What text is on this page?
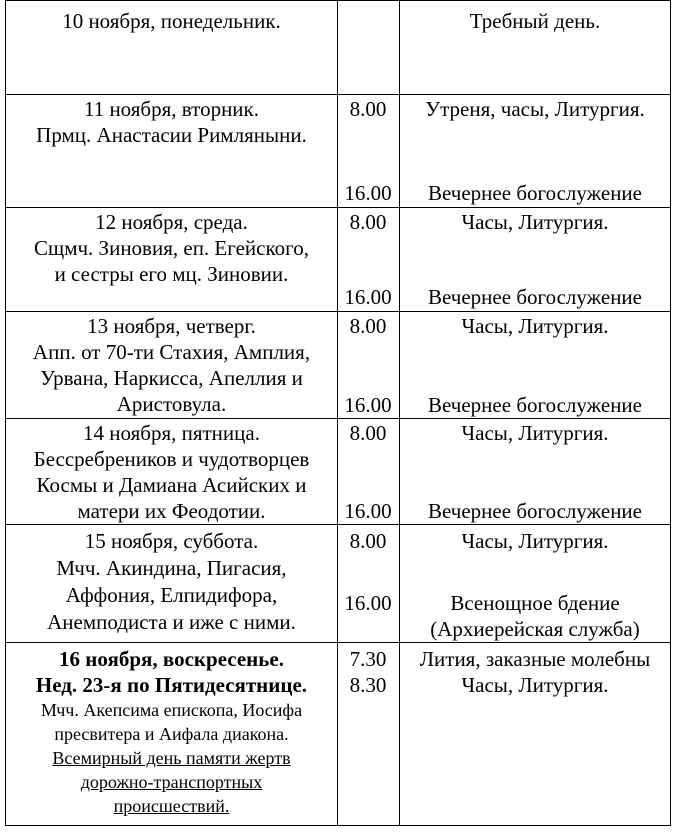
10 ноября, понедельник.	Требный день.
11 ноября, вторник.
Прмц. Анастасии Римляныни.
8.00	Утреня, часы, Литургия.
16.00	Вечернее богослужение
12 ноября, среда.
Сщмч. Зиновия, еп. Егейского,
и сестры его мц. Зиновии.
8.00	Часы, Литургия.
16.00	Вечернее богослужение
13 ноября, четверг.
Апп. от 70-ти Стахия, Амплия,
Урвана, Наркисса, Апеллия и
Аристовула.
8.00	Часы, Литургия.
16.00	Вечернее богослужение
14 ноября, пятница.
Бессребреников и чудотворцев
Космы и Дамиана Асийских и
матери их Феодотии.
8.00	Часы, Литургия.
16.00	Вечернее богослужение
15 ноября, суббота.
Мчч. Акиндина, Пигасия,
Аффония, Елпидифора,
Анемподиста и иже с ними.
8.00	Часы, Литургия.
16.00	Всенощное бдение
(Архиерейская служба)
16 ноября, воскресенье.
Нед. 23-я по Пятидесятнице.
Мчч. Акепсима епископа, Иосифа
пресвитера и Аифала диакона.
Всемирный день памяти жертв
дорожно-транспортных
происшествий.
7.30	Лития, заказные молебны
8.30	Часы, Литургия.
